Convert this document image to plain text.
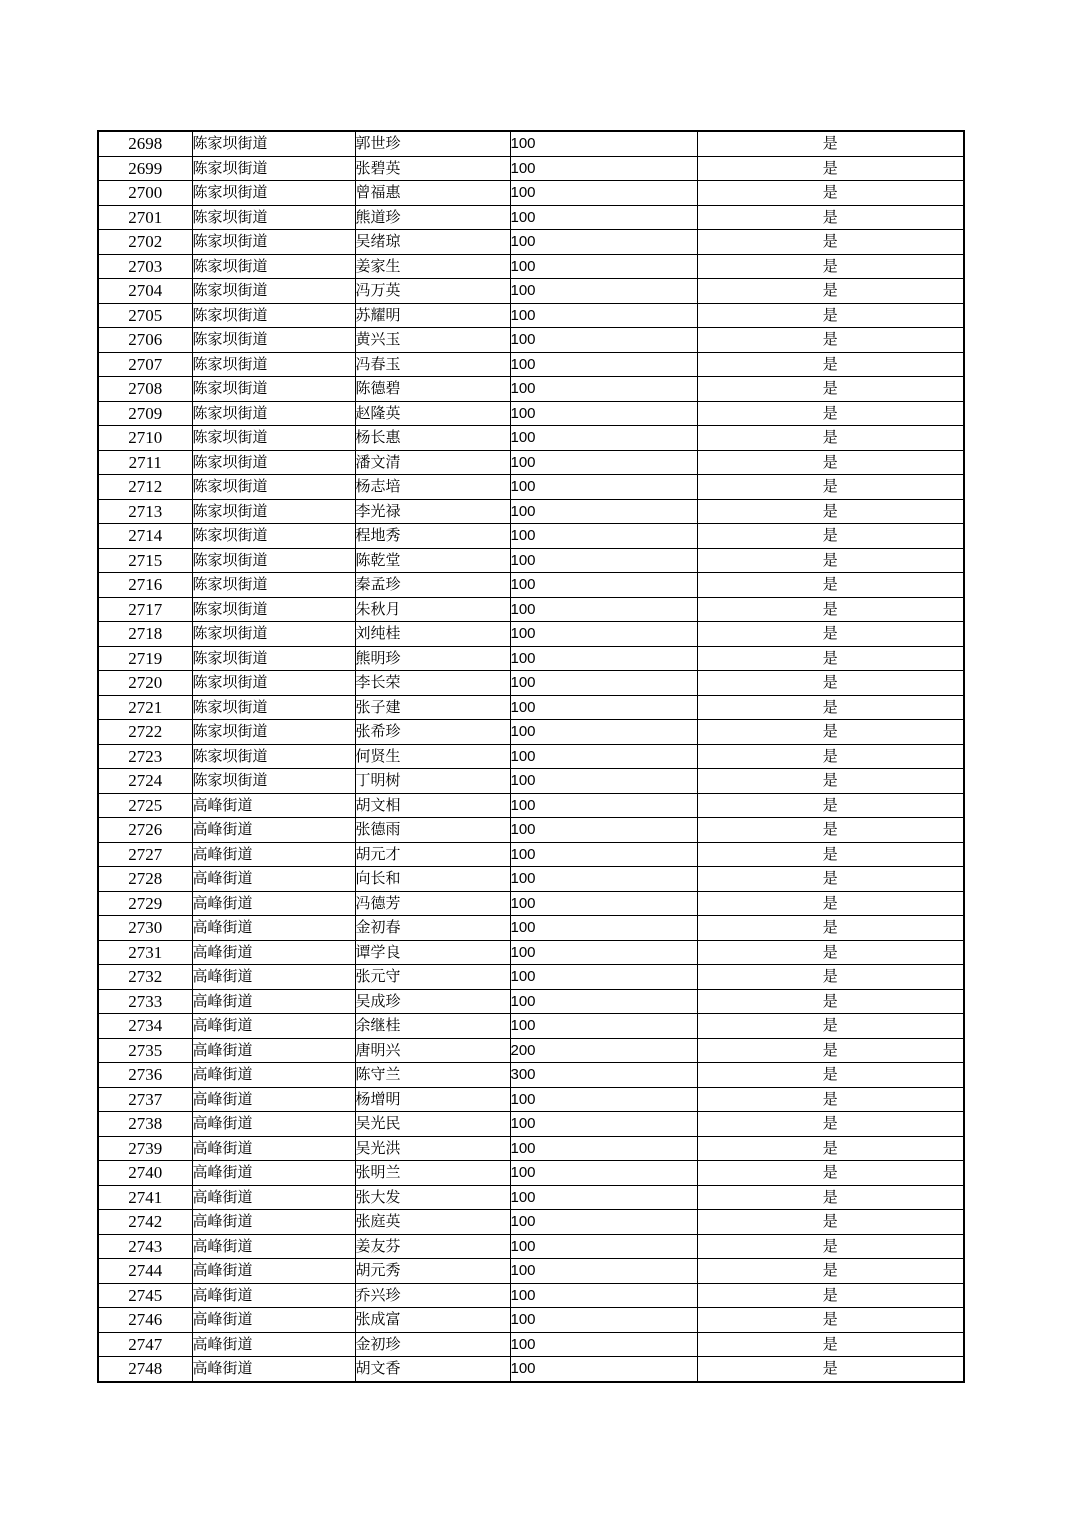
2698	陈家坝街道	郭世珍	100	是
2699	陈家坝街道	张碧英	100	是
2700	陈家坝街道	曾福惠	100	是
2701	陈家坝街道	熊道珍	100	是
2702	陈家坝街道	吴绪琼	100	是
2703	陈家坝街道	姜家生	100	是
2704	陈家坝街道	冯万英	100	是
2705	陈家坝街道	苏耀明	100	是
2706	陈家坝街道	黄兴玉	100	是
2707	陈家坝街道	冯春玉	100	是
2708	陈家坝街道	陈德碧	100	是
2709	陈家坝街道	赵隆英	100	是
2710	陈家坝街道	杨长惠	100	是
2711	陈家坝街道	潘文清	100	是
2712	陈家坝街道	杨志培	100	是
2713	陈家坝街道	李光禄	100	是
2714	陈家坝街道	程地秀	100	是
2715	陈家坝街道	陈乾堂	100	是
2716	陈家坝街道	秦孟珍	100	是
2717	陈家坝街道	朱秋月	100	是
2718	陈家坝街道	刘纯桂	100	是
2719	陈家坝街道	熊明珍	100	是
2720	陈家坝街道	李长荣	100	是
2721	陈家坝街道	张子建	100	是
2722	陈家坝街道	张希珍	100	是
2723	陈家坝街道	何贤生	100	是
2724	陈家坝街道	丁明树	100	是
2725	高峰街道	胡文相	100	是
2726	高峰街道	张德雨	100	是
2727	高峰街道	胡元才	100	是
2728	高峰街道	向长和	100	是
2729	高峰街道	冯德芳	100	是
2730	高峰街道	金初春	100	是
2731	高峰街道	谭学良	100	是
2732	高峰街道	张元守	100	是
2733	高峰街道	吴成珍	100	是
2734	高峰街道	余继桂	100	是
2735	高峰街道	唐明兴	200	是
2736	高峰街道	陈守兰	300	是
2737	高峰街道	杨增明	100	是
2738	高峰街道	吴光民	100	是
2739	高峰街道	吴光洪	100	是
2740	高峰街道	张明兰	100	是
2741	高峰街道	张大发	100	是
2742	高峰街道	张庭英	100	是
2743	高峰街道	姜友芬	100	是
2744	高峰街道	胡元秀	100	是
2745	高峰街道	乔兴珍	100	是
2746	高峰街道	张成富	100	是
2747	高峰街道	金初珍	100	是
2748	高峰街道	胡文香	100	是
